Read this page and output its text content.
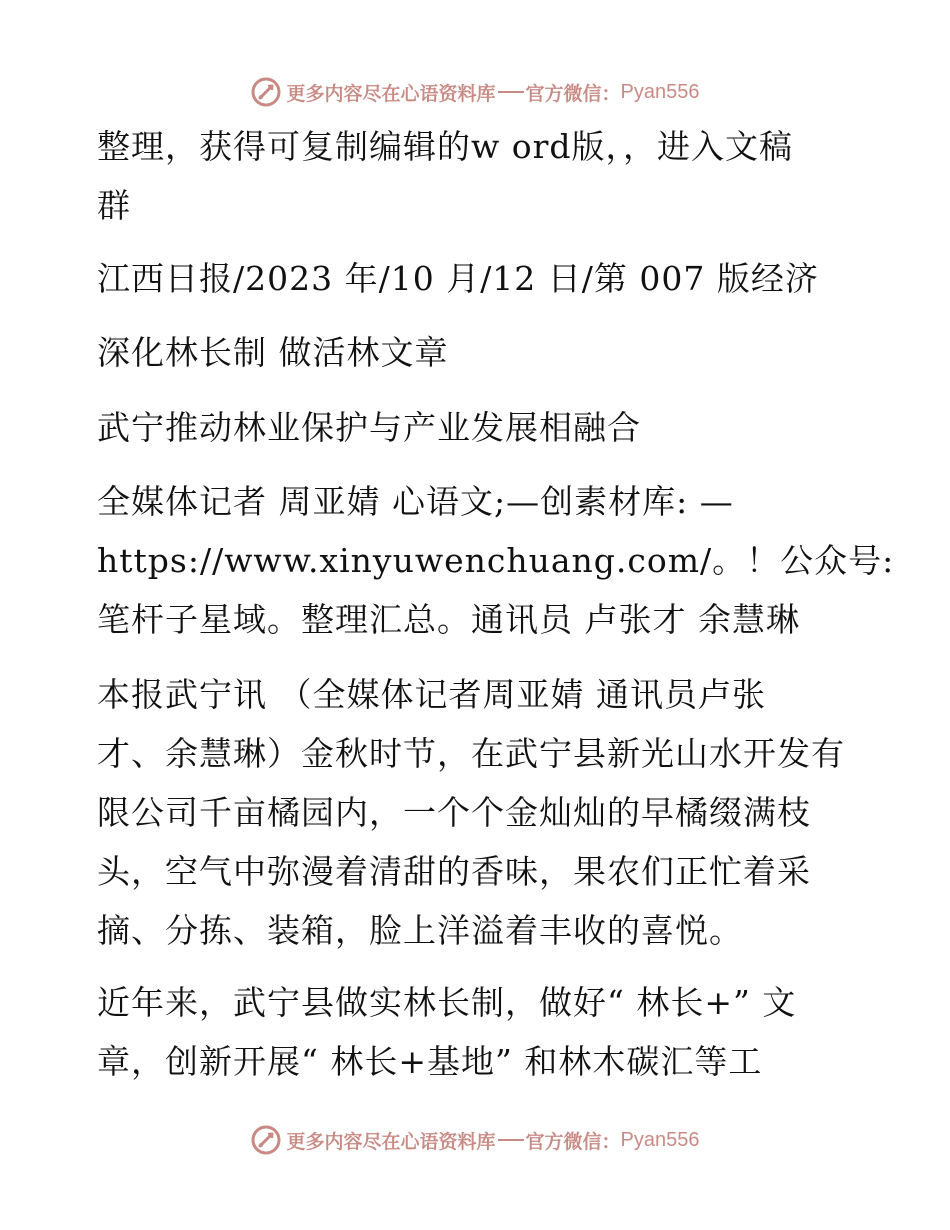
更多内容尽在心语资料库 官方微信： Pyan556
整理，获得可复制编辑的w ord版，，进入文稿
群
江西日报/2023 年/10 月/12 日/第 007 版经济
深化林长制 做活林文章
武宁推动林业保护与产业发展相融合
全媒体记者 周亚婧 心语文;—创素材库: —
https://www.xinyuwenchuang.com/。！公众号:
笔杆子星域。整理汇总。通讯员 卢张才 余慧琳
本报武宁讯 （全媒体记者周亚婧 通讯员卢张
才、余慧琳）金秋时节，在武宁县新光山水开发有
限公司千亩橘园内，一个个金灿灿的早橘缀满枝
头，空气中弥漫着清甜的香味，果农们正忙着采
摘、分拣、装箱，脸上洋溢着丰收的喜悦。
近年来，武宁县做实林长制，做好“ 林长+” 文
章，创新开展“ 林长+基地” 和林木碳汇等工
更多内容尽在心语资料库 官方微信： Pyan556
